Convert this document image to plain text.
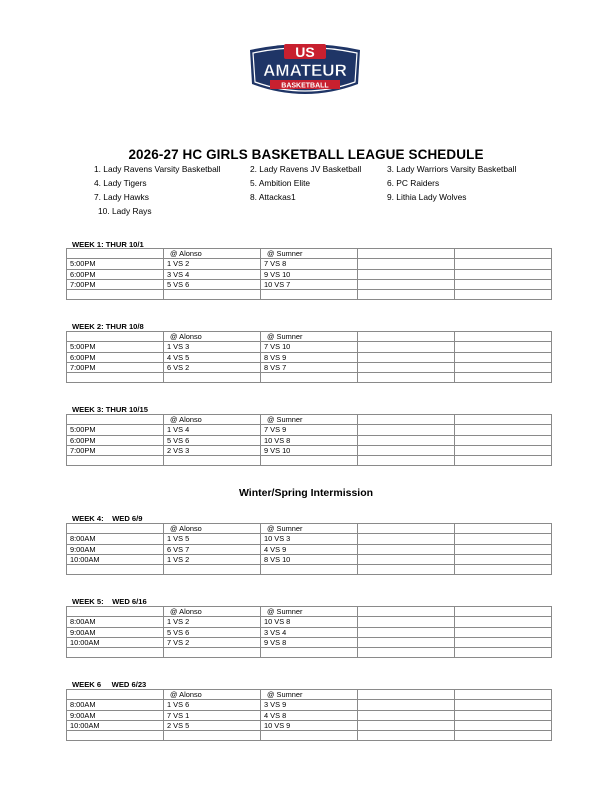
US
AMATEUR
BASKETBALL
2026-27 HC GIRLS BASKETBALL LEAGUE SCHEDULE
1. Lady Ravens Varsity Basketball	2. Lady Ravens JV Basketball	3. Lady Warriors Varsity Basketball
4. Lady Tigers	5. Ambition Elite	6. PC Raiders
7. Lady Hawks	8. Attackas1	9. Lithia Lady Wolves
10. Lady Rays
WEEK 1: THUR 10/1
	@ Alonso	@ Sumner		
5:00PM	1 VS 2	7 VS 8		
6:00PM	3 VS 4	9 VS 10		
7:00PM	5 VS 6	10 VS 7		

WEEK 2: THUR 10/8
	@ Alonso	@ Sumner		
5:00PM	1 VS 3	7 VS 10		
6:00PM	4 VS 5	8 VS 9		
7:00PM	6 VS 2	8 VS 7		

WEEK 3: THUR 10/15
	@ Alonso	@ Sumner		
5:00PM	1 VS 4	7 VS 9		
6:00PM	5 VS 6	10 VS 8		
7:00PM	2 VS 3	9 VS 10		

Winter/Spring Intermission
WEEK 4:    WED 6/9
	@ Alonso	@ Sumner		
8:00AM	1 VS 5	10 VS 3		
9:00AM	6 VS 7	4 VS 9		
10:00AM	1 VS 2	8 VS 10		

WEEK 5:    WED 6/16
	@ Alonso	@ Sumner		
8:00AM	1 VS 2	10 VS 8		
9:00AM	5 VS 6	3 VS 4		
10:00AM	7 VS 2	9 VS 8		

WEEK 6     WED 6/23
	@ Alonso	@ Sumner		
8:00AM	1 VS 6	3 VS 9		
9:00AM	7 VS 1	4 VS 8		
10:00AM	2 VS 5	10 VS 9		
